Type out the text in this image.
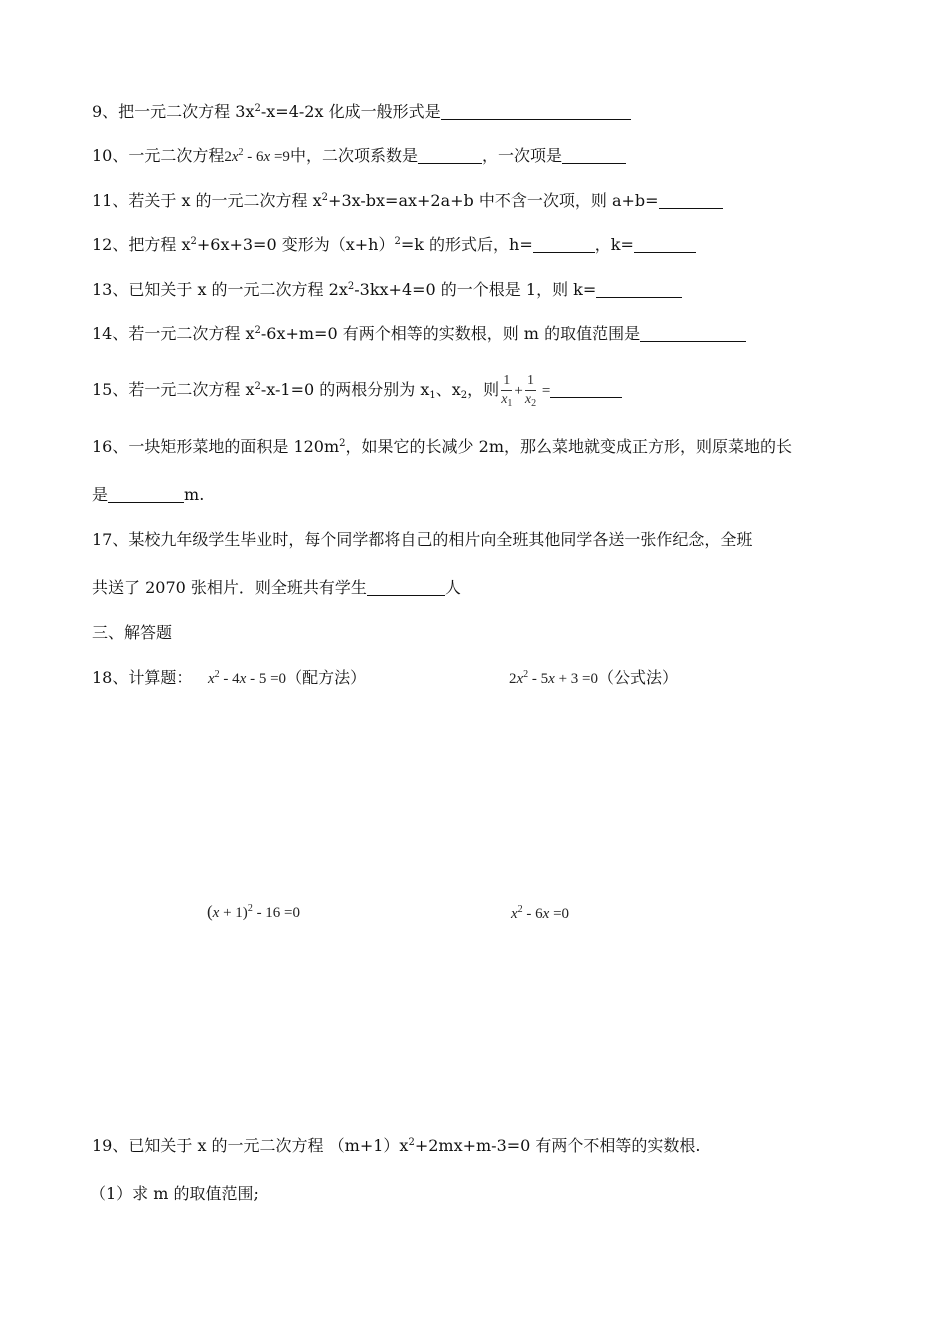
9、把一元二次方程 $3x^2-x=4-2x$ 化成一般形式是
10、一元二次方程$2x^2 - 6x =9$中，二次项系数是	，一次项是
11、若关于 x 的一元二次方程 $x^2+3x-bx=ax+2a+b$ 中不含一次项，则 a+b=
12、把方程 $x^2+6x+3=0$ 变形为$(x+h)^2=k$ 的形式后，h=	，k=
13、已知关于 x 的一元二次方程 $2x^2-3kx+4=0$ 的一个根是 1，则 k=
14、若一元二次方程 $x^2-6x+m=0$ 有两个相等的实数根，则 m 的取值范围是
15、若一元二次方程 $x^2-x-1=0$ 的两根分别为 $x_1$、$x_2$，则 $\frac{1}{x_1} + \frac{1}{x_2}$ =
16、一块矩形菜地的面积是 $120m^2$，如果它的长减少 2m，那么菜地就变成正方形，则原菜地的长
是	m.
17、某校九年级学生毕业时，每个同学都将自己的相片向全班其他同学各送一张作纪念，全班
共送了 2070 张相片．则全班共有学生	人
三、解答题
18、计算题： $x^2 - 4x - 5 =0$（配方法）	$2x^2 - 5x + 3 =0$（公式法）
$(x + 1)^2 - 16 =0$	$x^2 - 6x =0$
19、已知关于 x 的一元二次方程 $(m+1)x^2+2mx+m-3=0$ 有两个不相等的实数根.
（1）求 m 的取值范围;
